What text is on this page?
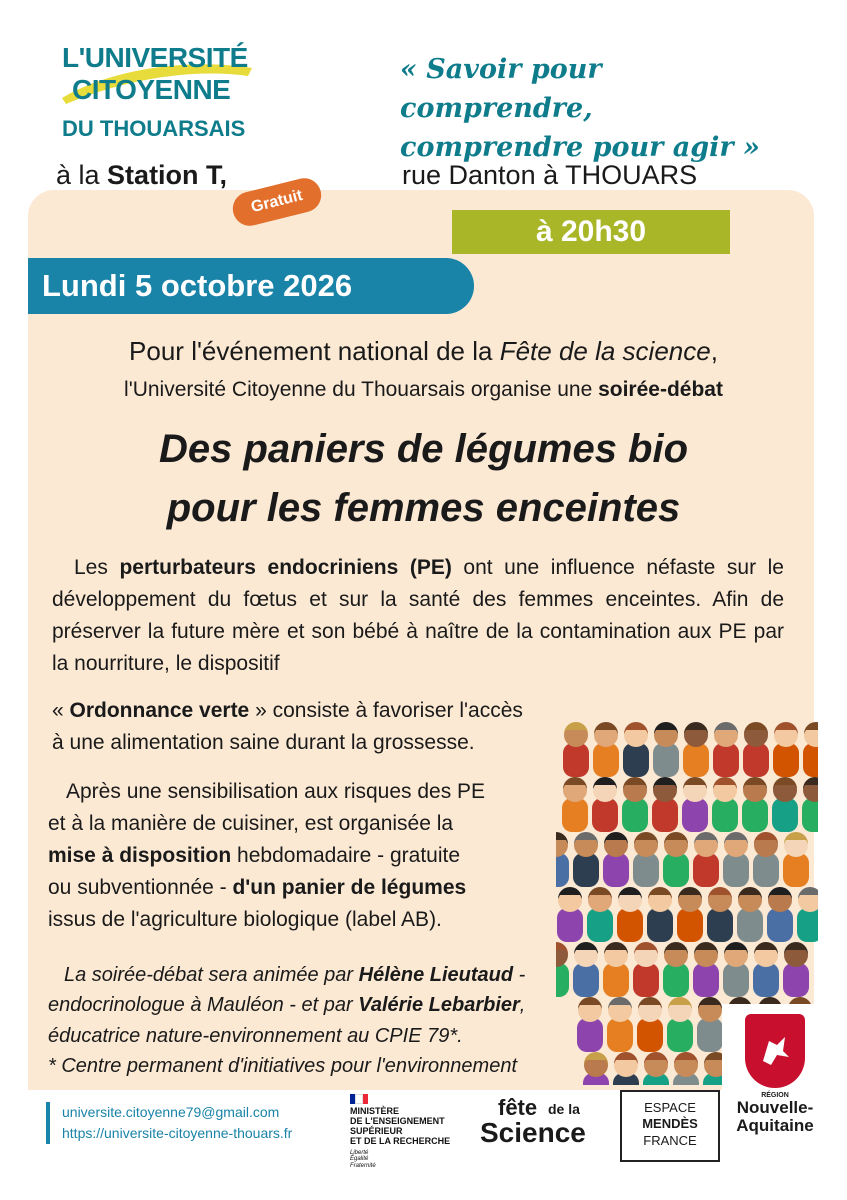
L'UNIVERSITÉ
CITOYENNE
DU THOUARSAIS
« Savoir pour comprendre,
comprendre pour agir »
à la Station T,	rue Danton à THOUARS
Gratuit
à 20h30
Lundi 5 octobre 2026
Pour l'événement national de la Fête de la science,
l'Université Citoyenne du Thouarsais organise une soirée-débat
Des paniers de légumes bio
pour les femmes enceintes
Les perturbateurs endocriniens (PE) ont une influence néfaste sur le développement du fœtus et sur la santé des femmes enceintes. Afin de préserver la future mère et son bébé à naître de la contamination aux PE par la nourriture, le dispositif
« Ordonnance verte » consiste à favoriser l'accès
à une alimentation saine durant la grossesse.
Après une sensibilisation aux risques des PE
et à la manière de cuisiner, est organisée la
mise à disposition hebdomadaire - gratuite
ou subventionnée - d'un panier de légumes
issus de l'agriculture biologique (label AB).
La soirée-débat sera animée par Hélène Lieutaud -
endocrinologue à Mauléon - et par Valérie Lebarbier,
éducatrice nature-environnement au CPIE 79*.
* Centre permanent d'initiatives pour l'environnement
universite.citoyenne79@gmail.com
https://universite-citoyenne-thouars.fr
MINISTÈRE
DE L'ENSEIGNEMENT
SUPÉRIEUR
ET DE LA RECHERCHE
Liberté
Égalité
Fraternité
fête de la
Science
ESPACE
MENDÈS
FRANCE
RÉGION
Nouvelle-
Aquitaine
